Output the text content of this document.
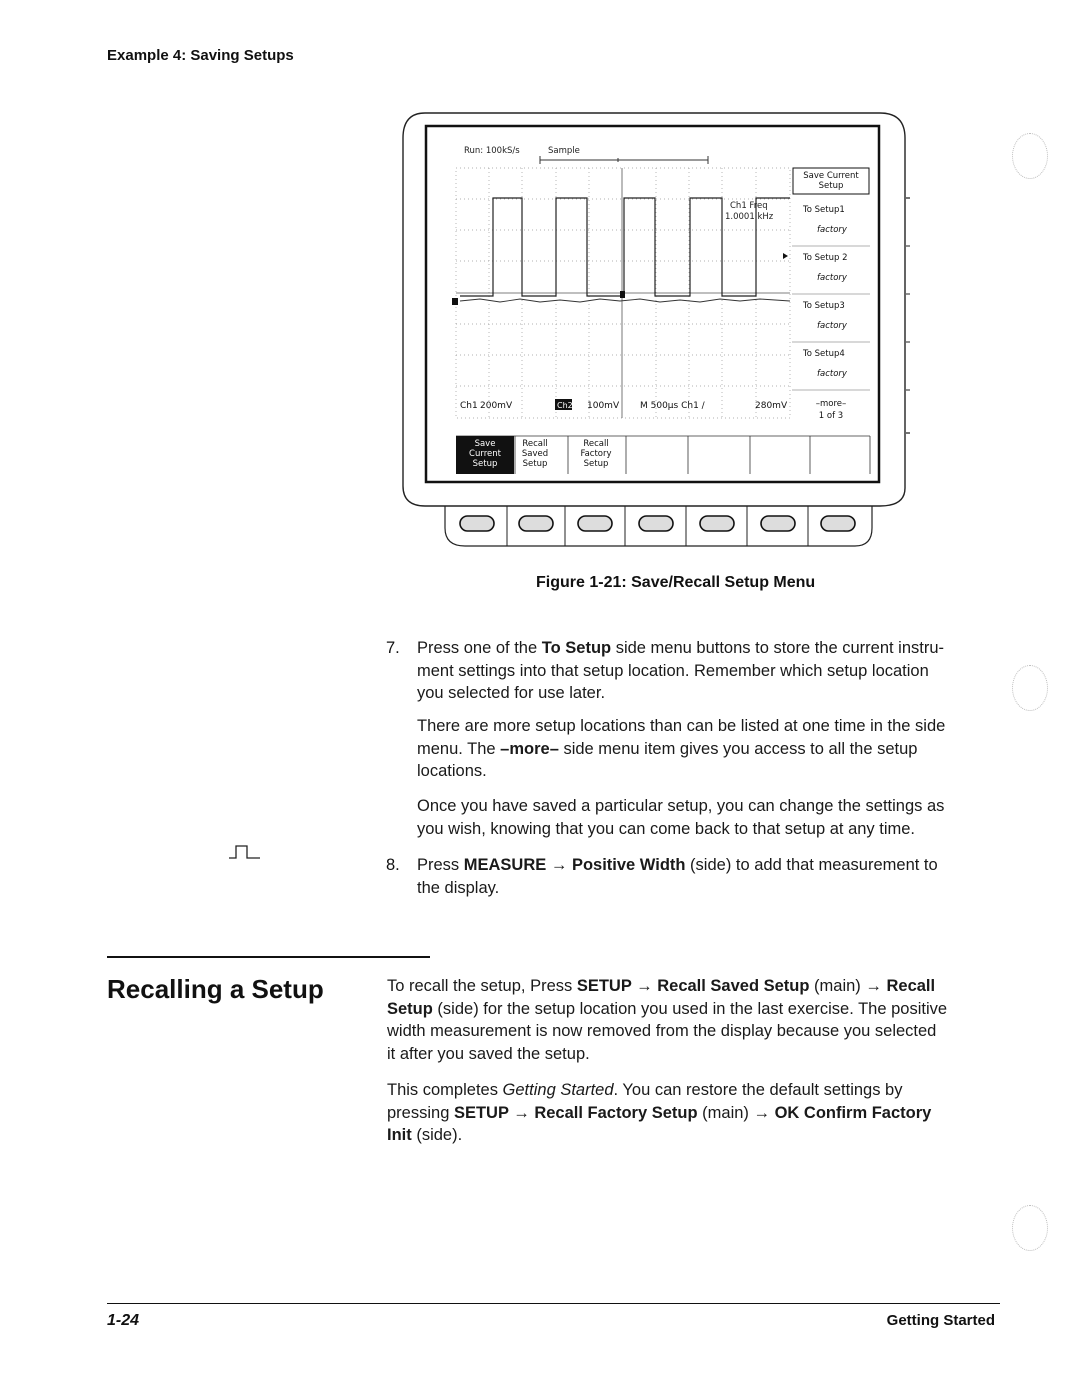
Example 4: Saving Setups
Run: 100kS/s	Sample
Ch1 Freq
1.0001 kHz
Save Current
Setup
To Setup1
factory
To Setup 2
factory
To Setup3
factory
To Setup4
factory
–more–
1 of 3
Ch1 200mV	Ch2 100mV M 500μs Ch1 ∕	280mV
Save
Current
Setup
Recall
Saved
Setup
Recall
Factory
Setup
Figure 1-21: Save/Recall Setup Menu
7. Press one of the To Setup side menu buttons to store the current instru-
ment settings into that setup location. Remember which setup location
you selected for use later.
There are more setup locations than can be listed at one time in the side
menu. The –more– side menu item gives you access to all the setup
locations.
Once you have saved a particular setup, you can change the settings as
you wish, knowing that you can come back to that setup at any time.
8. Press MEASURE → Positive Width (side) to add that measurement to
the display.
Recalling a Setup	To recall the setup, Press SETUP → Recall Saved Setup (main) → Recall
Setup (side) for the setup location you used in the last exercise. The positive
width measurement is now removed from the display because you selected
it after you saved the setup.
This completes Getting Started. You can restore the default settings by
pressing SETUP → Recall Factory Setup (main) → OK Confirm Factory
Init (side).
1-24	Getting Started
